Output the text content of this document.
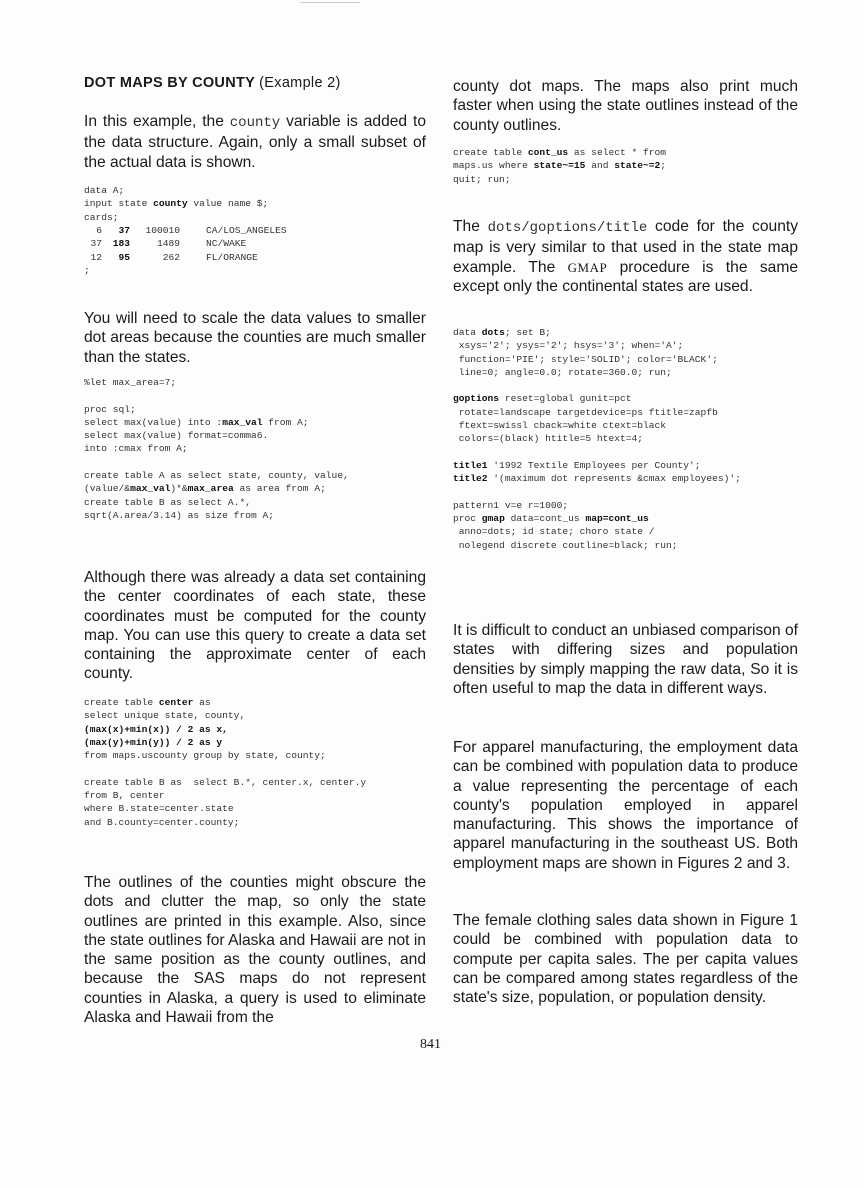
DOT MAPS BY COUNTY (Example 2)

In this example, the county variable is added to the data structure. Again, only a small subset of the actual data is shown.

data A;
input state county value name $;
cards;
6	37	100010	CA/LOS_ANGELES
37	183	1489	NC/WAKE
12	95	262	FL/ORANGE
;

You will need to scale the data values to smaller dot areas because the counties are much smaller than the states.

%let max_area=7;

proc sql;
select max(value) into :max_val from A;
select max(value) format=comma6.
into :cmax from A;

create table A as select state, county, value,
(value/&max_val)*&max_area as area from A;
create table B as select A.*,
sqrt(A.area/3.14) as size from A;

Although there was already a data set containing the center coordinates of each state, these coordinates must be computed for the county map. You can use this query to create a data set containing the approximate center of each county.

create table center as
select unique state, county,
(max(x)+min(x)) / 2 as x,
(max(y)+min(y)) / 2 as y
from maps.uscounty group by state, county;

create table B as  select B.*, center.x, center.y
from B, center
where B.state=center.state
and B.county=center.county;

The outlines of the counties might obscure the dots and clutter the map, so only the state outlines are printed in this example. Also, since the state outlines for Alaska and Hawaii are not in the same position as the county outlines, and because the SAS maps do not represent counties in Alaska, a query is used to eliminate Alaska and Hawaii from the

county dot maps. The maps also print much faster when using the state outlines instead of the county outlines.

create table cont_us as select * from
maps.us where state~=15 and state~=2;
quit; run;

The dots/goptions/title code for the county map is very similar to that used in the state map example. The GMAP procedure is the same except only the continental states are used.

data dots; set B;
xsys='2'; ysys='2'; hsys='3'; when='A';
function='PIE'; style='SOLID'; color='BLACK';
line=0; angle=0.0; rotate=360.0; run;

goptions reset=global gunit=pct
rotate=landscape targetdevice=ps ftitle=zapfb
ftext=swissl cback=white ctext=black
colors=(black) htitle=5 htext=4;

title1 '1992 Textile Employees per County';
title2 '(maximum dot represents &cmax employees)';

pattern1 v=e r=1000;
proc gmap data=cont_us map=cont_us
anno=dots; id state; choro state /
nolegend discrete coutline=black; run;

It is difficult to conduct an unbiased comparison of states with differing sizes and population densities by simply mapping the raw data, So it is often useful to map the data in different ways.

For apparel manufacturing, the employment data can be combined with population data to produce a value representing the percentage of each county's population employed in apparel manufacturing. This shows the importance of apparel manufacturing in the southeast US. Both employment maps are shown in Figures 2 and 3.

The female clothing sales data shown in Figure 1 could be combined with population data to compute per capita sales. The per capita values can be compared among states regardless of the state's size, population, or population density.

841
